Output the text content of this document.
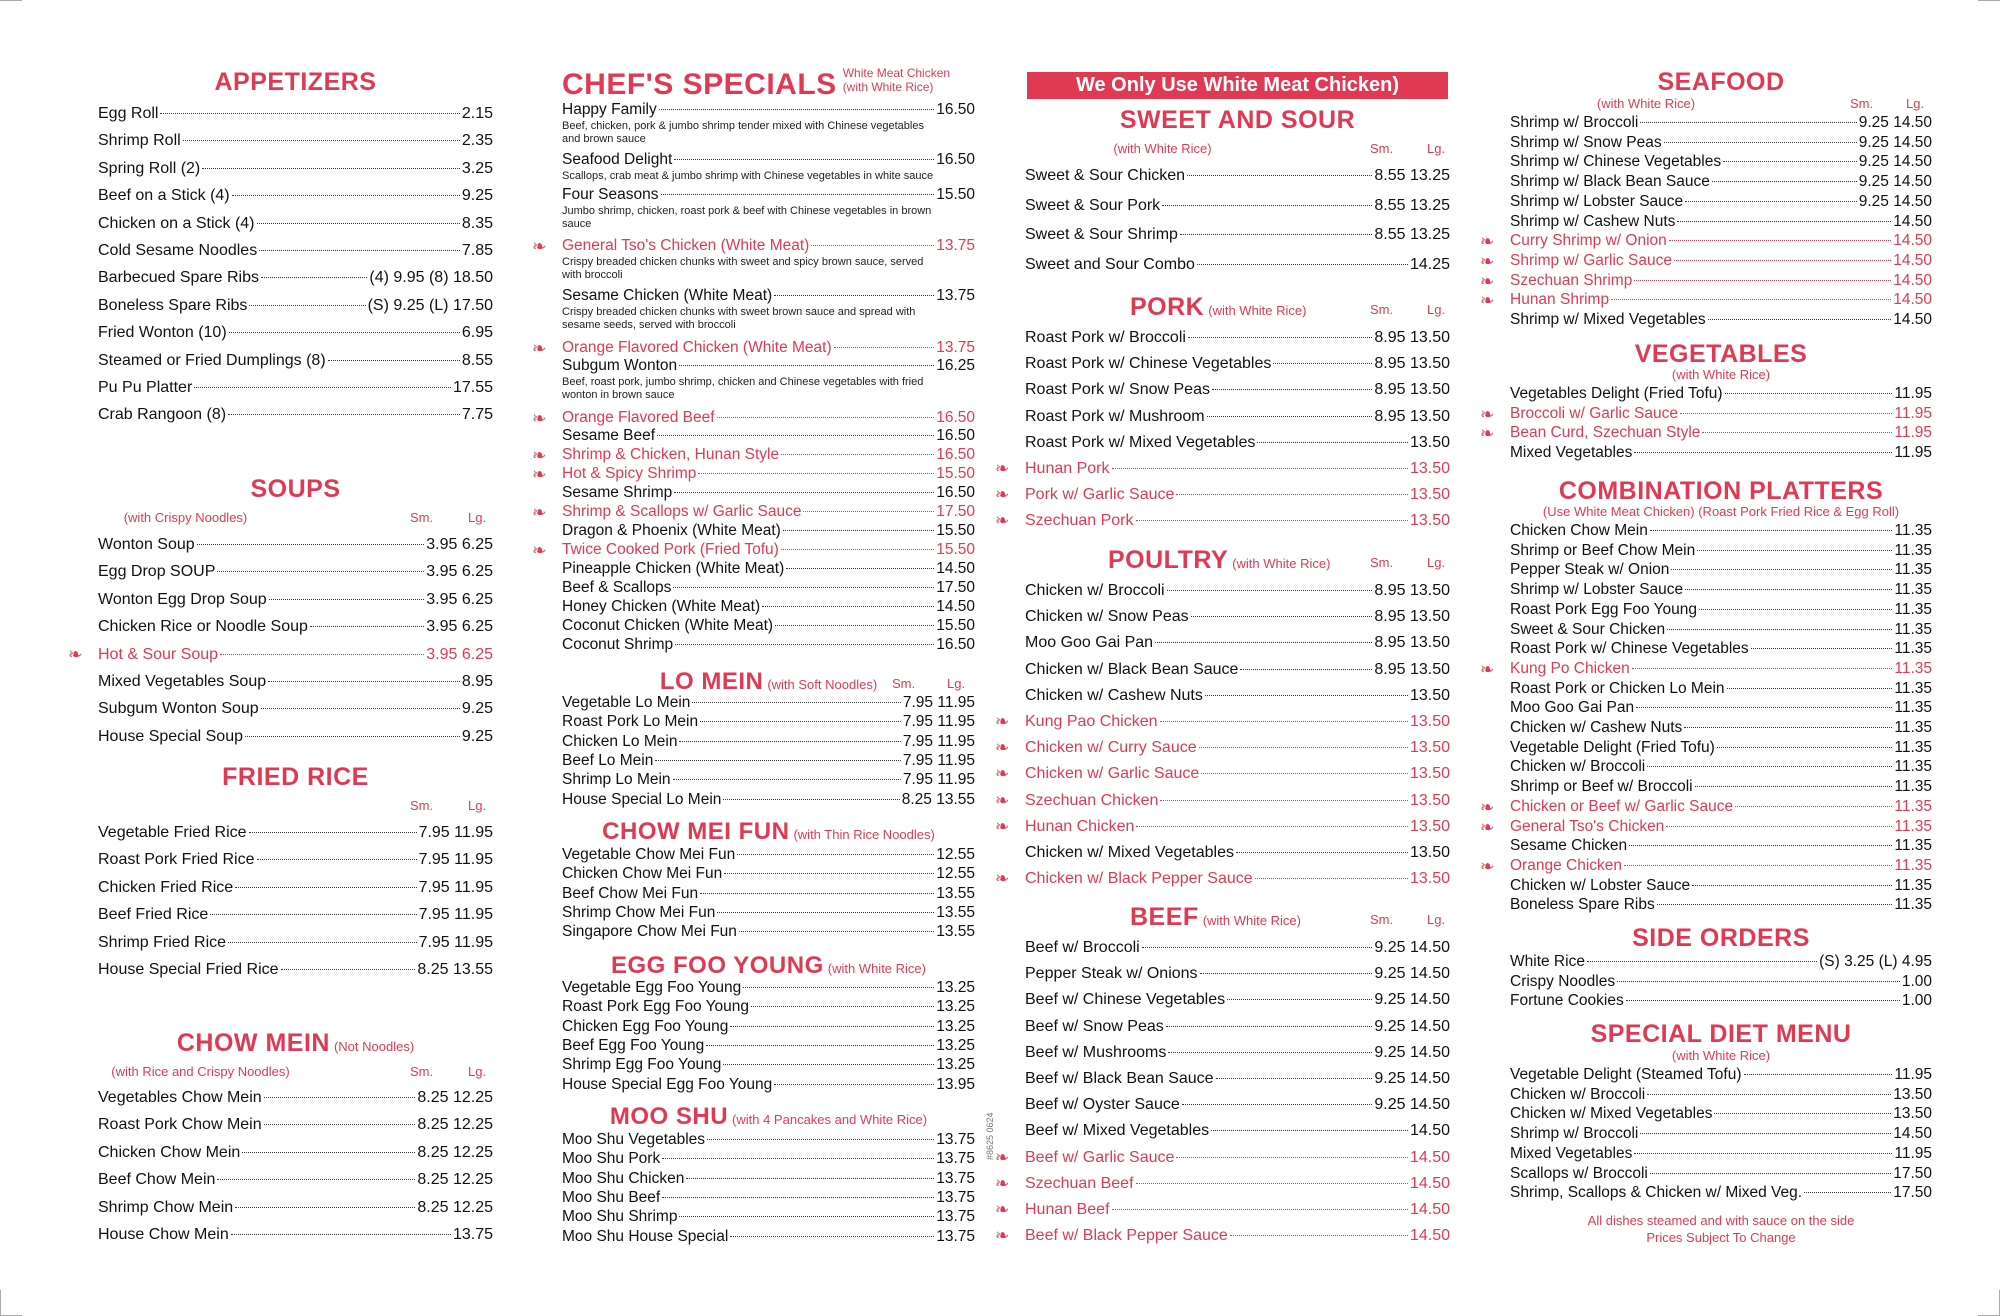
APPETIZERS
SOUPS
(with Crispy Noodles)	Sm.	Lg.
FRIED RICE
Sm.	Lg.
CHOW MEIN (Not Noodles)
(with Rice and Crispy Noodles)	Sm.	Lg.
Egg Roll	2.15
Shrimp Roll	2.35
Spring Roll (2)	3.25
Beef on a Stick (4)	9.25
Chicken on a Stick (4)	8.35
Cold Sesame Noodles	7.85
Barbecued Spare Ribs	(4) 9.95 (8) 18.50
Boneless Spare Ribs	(S) 9.25 (L) 17.50
Fried Wonton (10)	6.95
Steamed or Fried Dumplings (8)	8.55
Pu Pu Platter	17.55
Crab Rangoon (8)	7.75
Wonton Soup	3.95 6.25
Egg Drop SOUP	3.95 6.25
Wonton Egg Drop Soup	3.95 6.25
Chicken Rice or Noodle Soup	3.95 6.25
❧ Hot & Sour Soup	3.95 6.25
Mixed Vegetables Soup	8.95
Subgum Wonton Soup	9.25
House Special Soup	9.25
Vegetable Fried Rice	7.95 11.95
Roast Pork Fried Rice	7.95 11.95
Chicken Fried Rice	7.95 11.95
Beef Fried Rice	7.95 11.95
Shrimp Fried Rice	7.95 11.95
House Special Fried Rice	8.25 13.55
Vegetables Chow Mein	8.25 12.25
Roast Pork Chow Mein	8.25 12.25
Chicken Chow Mein	8.25 12.25
Beef Chow Mein	8.25 12.25
Shrimp Chow Mein	8.25 12.25
House Chow Mein	13.75
CHEF'S SPECIALS White Meat Chicken
(with White Rice)
LO MEIN (with Soft Noodles)	Sm. Lg.
CHOW MEI FUN (with Thin Rice Noodles)
EGG FOO YOUNG (with White Rice)
MOO SHU (with 4 Pancakes and White Rice)
Happy Family	16.50
Beef, chicken, pork & jumbo shrimp tender mixed with Chinese vegetables and brown sauce
Seafood Delight	16.50
Scallops, crab meat & jumbo shrimp with Chinese vegetables in white sauce
Four Seasons	15.50
Jumbo shrimp, chicken, roast pork & beef with Chinese vegetables in brown sauce
❧	General Tso's Chicken (White Meat)	13.75
Crispy breaded chicken chunks with sweet and spicy brown sauce, served with broccoli
Sesame Chicken (White Meat)	13.75
Crispy breaded chicken chunks with sweet brown sauce and spread with sesame seeds, served with broccoli
❧	Orange Flavored Chicken (White Meat)	13.75
Subgum Wonton	16.25
Beef, roast pork, jumbo shrimp, chicken and Chinese vegetables with fried wonton in brown sauce
❧	Orange Flavored Beef	16.50
Sesame Beef	16.50
❧	Shrimp & Chicken, Hunan Style	16.50
❧	Hot & Spicy Shrimp	15.50
Sesame Shrimp	16.50
❧	Shrimp & Scallops w/ Garlic Sauce	17.50
Dragon & Phoenix (White Meat)	15.50
❧	Twice Cooked Pork (Fried Tofu)	15.50
Pineapple Chicken (White Meat)	14.50
Beef & Scallops	17.50
Honey Chicken (White Meat)	14.50
Coconut Chicken (White Meat)	15.50
Coconut Shrimp	16.50
Vegetable Lo Mein	7.95 11.95
Roast Pork Lo Mein	7.95 11.95
Chicken Lo Mein	7.95 11.95
Beef Lo Mein	7.95 11.95
Shrimp Lo Mein	7.95 11.95
House Special Lo Mein	8.25 13.55
Vegetable Chow Mei Fun	12.55
Chicken Chow Mei Fun	12.55
Beef Chow Mei Fun	13.55
Shrimp Chow Mei Fun	13.55
Singapore Chow Mei Fun	13.55
Vegetable Egg Foo Young	13.25
Roast Pork Egg Foo Young	13.25
Chicken Egg Foo Young	13.25
Beef Egg Foo Young	13.25
Shrimp Egg Foo Young	13.25
House Special Egg Foo Young	13.95
Moo Shu Vegetables	13.75
Moo Shu Pork	13.75
Moo Shu Chicken	13.75
Moo Shu Beef	13.75
Moo Shu Shrimp	13.75
Moo Shu House Special	13.75
#8625 0624
We Only Use White Meat Chicken)
SWEET AND SOUR
(with White Rice)	Sm.	Lg.
PORK (with White Rice)	Sm.	Lg.
POULTRY (with White Rice)	Sm.	Lg.
BEEF (with White Rice)	Sm.	Lg.
Sweet & Sour Chicken	8.55 13.25
Sweet & Sour Pork	8.55 13.25
Sweet & Sour Shrimp	8.55 13.25
Sweet and Sour Combo	14.25
Roast Pork w/ Broccoli	8.95 13.50
Roast Pork w/ Chinese Vegetables	8.95 13.50
Roast Pork w/ Snow Peas	8.95 13.50
Roast Pork w/ Mushroom	8.95 13.50
Roast Pork w/ Mixed Vegetables	13.50
❧ Hunan Pork	13.50
❧ Pork w/ Garlic Sauce	13.50
❧ Szechuan Pork	13.50
Chicken w/ Broccoli	8.95 13.50
Chicken w/ Snow Peas	8.95 13.50
Moo Goo Gai Pan	8.95 13.50
Chicken w/ Black Bean Sauce	8.95 13.50
Chicken w/ Cashew Nuts	13.50
❧ Kung Pao Chicken	13.50
❧ Chicken w/ Curry Sauce	13.50
❧ Chicken w/ Garlic Sauce	13.50
❧ Szechuan Chicken	13.50
❧ Hunan Chicken	13.50
Chicken w/ Mixed Vegetables	13.50
❧ Chicken w/ Black Pepper Sauce	13.50
Beef w/ Broccoli	9.25 14.50
Pepper Steak w/ Onions	9.25 14.50
Beef w/ Chinese Vegetables	9.25 14.50
Beef w/ Snow Peas	9.25 14.50
Beef w/ Mushrooms	9.25 14.50
Beef w/ Black Bean Sauce	9.25 14.50
Beef w/ Oyster Sauce	9.25 14.50
Beef w/ Mixed Vegetables	14.50
❧ Beef w/ Garlic Sauce	14.50
❧ Szechuan Beef	14.50
❧ Hunan Beef	14.50
❧ Beef w/ Black Pepper Sauce	14.50
SEAFOOD
(with White Rice)	Sm.	Lg.
VEGETABLES
(with White Rice)
COMBINATION PLATTERS
(Use White Meat Chicken) (Roast Pork Fried Rice & Egg Roll)
SIDE ORDERS
SPECIAL DIET MENU
(with White Rice)
All dishes steamed and with sauce on the side
Prices Subject To Change
Shrimp w/ Broccoli	9.25 14.50
Shrimp w/ Snow Peas	9.25 14.50
Shrimp w/ Chinese Vegetables	9.25 14.50
Shrimp w/ Black Bean Sauce	9.25 14.50
Shrimp w/ Lobster Sauce	9.25 14.50
Shrimp w/ Cashew Nuts	14.50
❧	Curry Shrimp w/ Onion	14.50
❧	Shrimp w/ Garlic Sauce	14.50
❧	Szechuan Shrimp	14.50
❧	Hunan Shrimp	14.50
Shrimp w/ Mixed Vegetables	14.50
Vegetables Delight (Fried Tofu)	11.95
❧	Broccoli w/ Garlic Sauce	11.95
❧	Bean Curd, Szechuan Style	11.95
Mixed Vegetables	11.95
Chicken Chow Mein	11.35
Shrimp or Beef Chow Mein	11.35
Pepper Steak w/ Onion	11.35
Shrimp w/ Lobster Sauce	11.35
Roast Pork Egg Foo Young	11.35
Sweet & Sour Chicken	11.35
Roast Pork w/ Chinese Vegetables	11.35
❧	Kung Po Chicken	11.35
Roast Pork or Chicken Lo Mein	11.35
Moo Goo Gai Pan	11.35
Chicken w/ Cashew Nuts	11.35
Vegetable Delight (Fried Tofu)	11.35
Chicken w/ Broccoli	11.35
Shrimp or Beef w/ Broccoli	11.35
❧	Chicken or Beef w/ Garlic Sauce	11.35
❧	General Tso's Chicken	11.35
Sesame Chicken	11.35
❧	Orange Chicken	11.35
Chicken w/ Lobster Sauce	11.35
Boneless Spare Ribs	11.35
White Rice	(S) 3.25 (L) 4.95
Crispy Noodles	1.00
Fortune Cookies	1.00
Vegetable Delight (Steamed Tofu)	11.95
Chicken w/ Broccoli	13.50
Chicken w/ Mixed Vegetables	13.50
Shrimp w/ Broccoli	14.50
Mixed Vegetables	11.95
Scallops w/ Broccoli	17.50
Shrimp, Scallops & Chicken w/ Mixed Veg.	17.50
